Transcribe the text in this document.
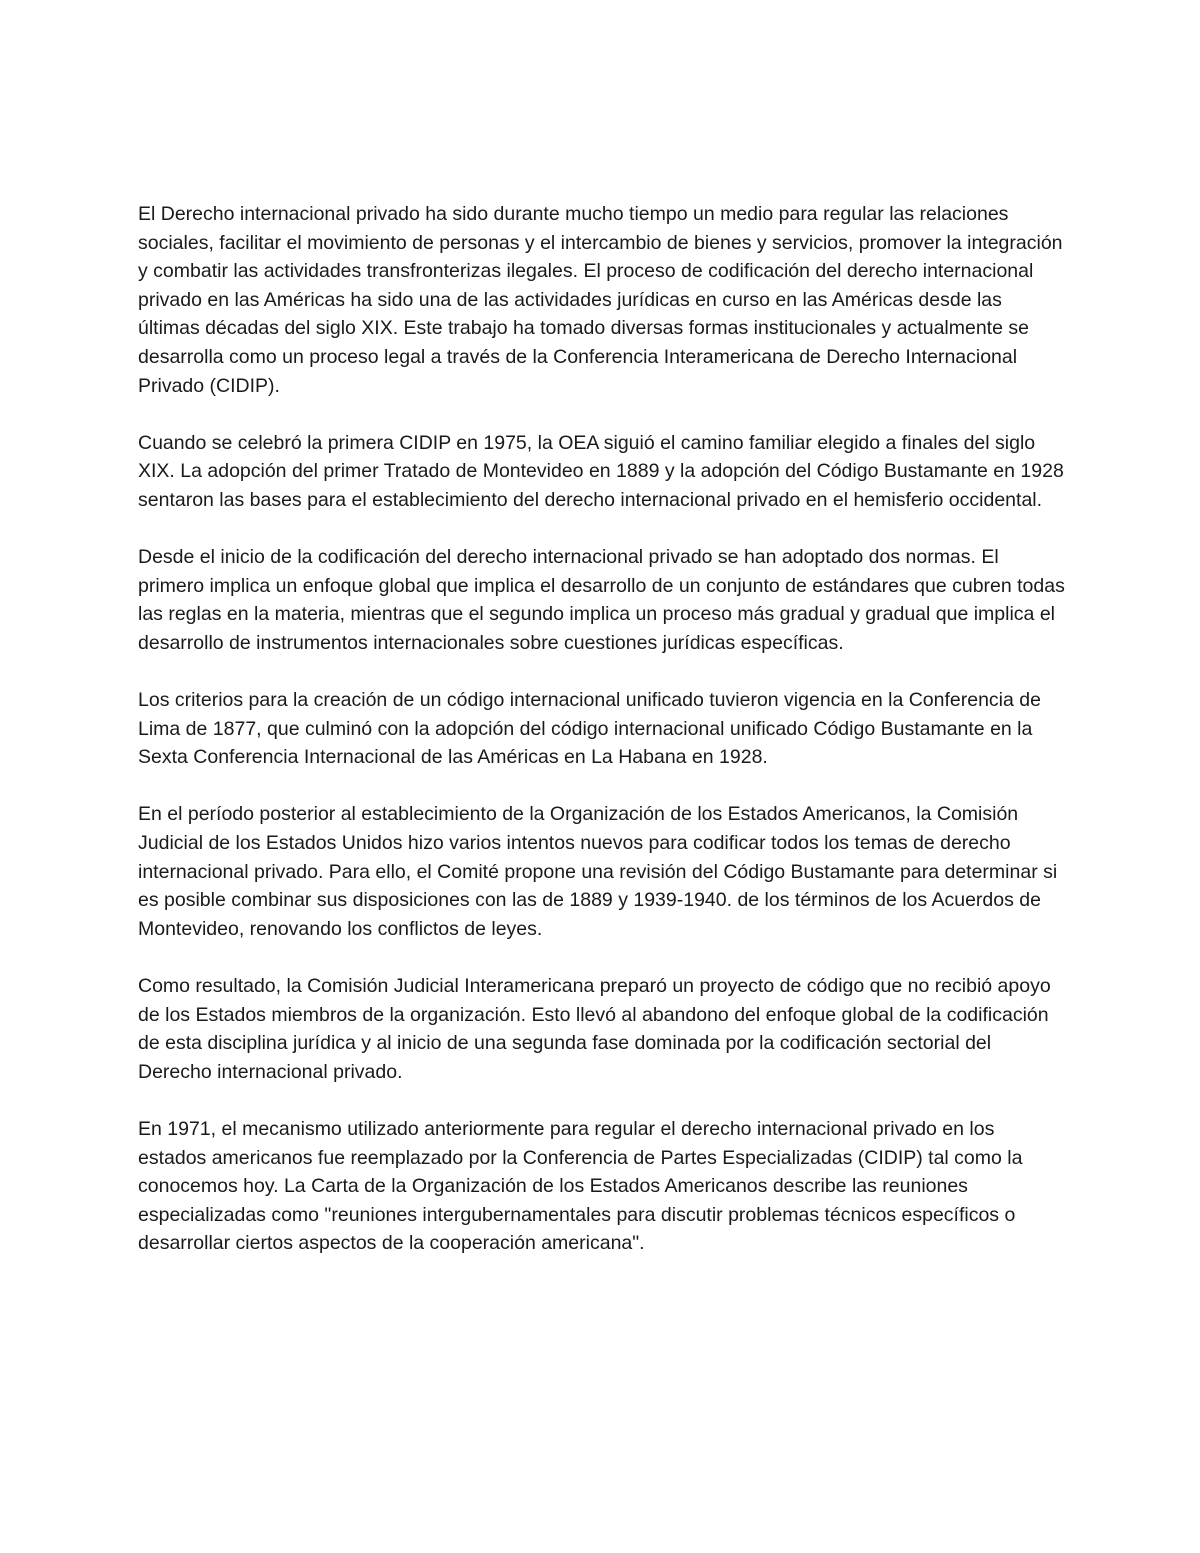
El Derecho internacional privado ha sido durante mucho tiempo un medio para regular las relaciones sociales, facilitar el movimiento de personas y el intercambio de bienes y servicios, promover la integración y combatir las actividades transfronterizas ilegales. El proceso de codificación del derecho internacional privado en las Américas ha sido una de las actividades jurídicas en curso en las Américas desde las últimas décadas del siglo XIX. Este trabajo ha tomado diversas formas institucionales y actualmente se desarrolla como un proceso legal a través de la Conferencia Interamericana de Derecho Internacional Privado (CIDIP).

Cuando se celebró la primera CIDIP en 1975, la OEA siguió el camino familiar elegido a finales del siglo XIX. La adopción del primer Tratado de Montevideo en 1889 y la adopción del Código Bustamante en 1928 sentaron las bases para el establecimiento del derecho internacional privado en el hemisferio occidental.

Desde el inicio de la codificación del derecho internacional privado se han adoptado dos normas. El primero implica un enfoque global que implica el desarrollo de un conjunto de estándares que cubren todas las reglas en la materia, mientras que el segundo implica un proceso más gradual y gradual que implica el desarrollo de instrumentos internacionales sobre cuestiones jurídicas específicas.

Los criterios para la creación de un código internacional unificado tuvieron vigencia en la Conferencia de Lima de 1877, que culminó con la adopción del código internacional unificado Código Bustamante en la Sexta Conferencia Internacional de las Américas en La Habana en 1928.

En el período posterior al establecimiento de la Organización de los Estados Americanos, la Comisión Judicial de los Estados Unidos hizo varios intentos nuevos para codificar todos los temas de derecho internacional privado. Para ello, el Comité propone una revisión del Código Bustamante para determinar si es posible combinar sus disposiciones con las de 1889 y 1939-1940. de los términos de los Acuerdos de Montevideo, renovando los conflictos de leyes.

Como resultado, la Comisión Judicial Interamericana preparó un proyecto de código que no recibió apoyo de los Estados miembros de la organización. Esto llevó al abandono del enfoque global de la codificación de esta disciplina jurídica y al inicio de una segunda fase dominada por la codificación sectorial del Derecho internacional privado.

En 1971, el mecanismo utilizado anteriormente para regular el derecho internacional privado en los estados americanos fue reemplazado por la Conferencia de Partes Especializadas (CIDIP) tal como la conocemos hoy. La Carta de la Organización de los Estados Americanos describe las reuniones especializadas como "reuniones intergubernamentales para discutir problemas técnicos específicos o desarrollar ciertos aspectos de la cooperación americana".
